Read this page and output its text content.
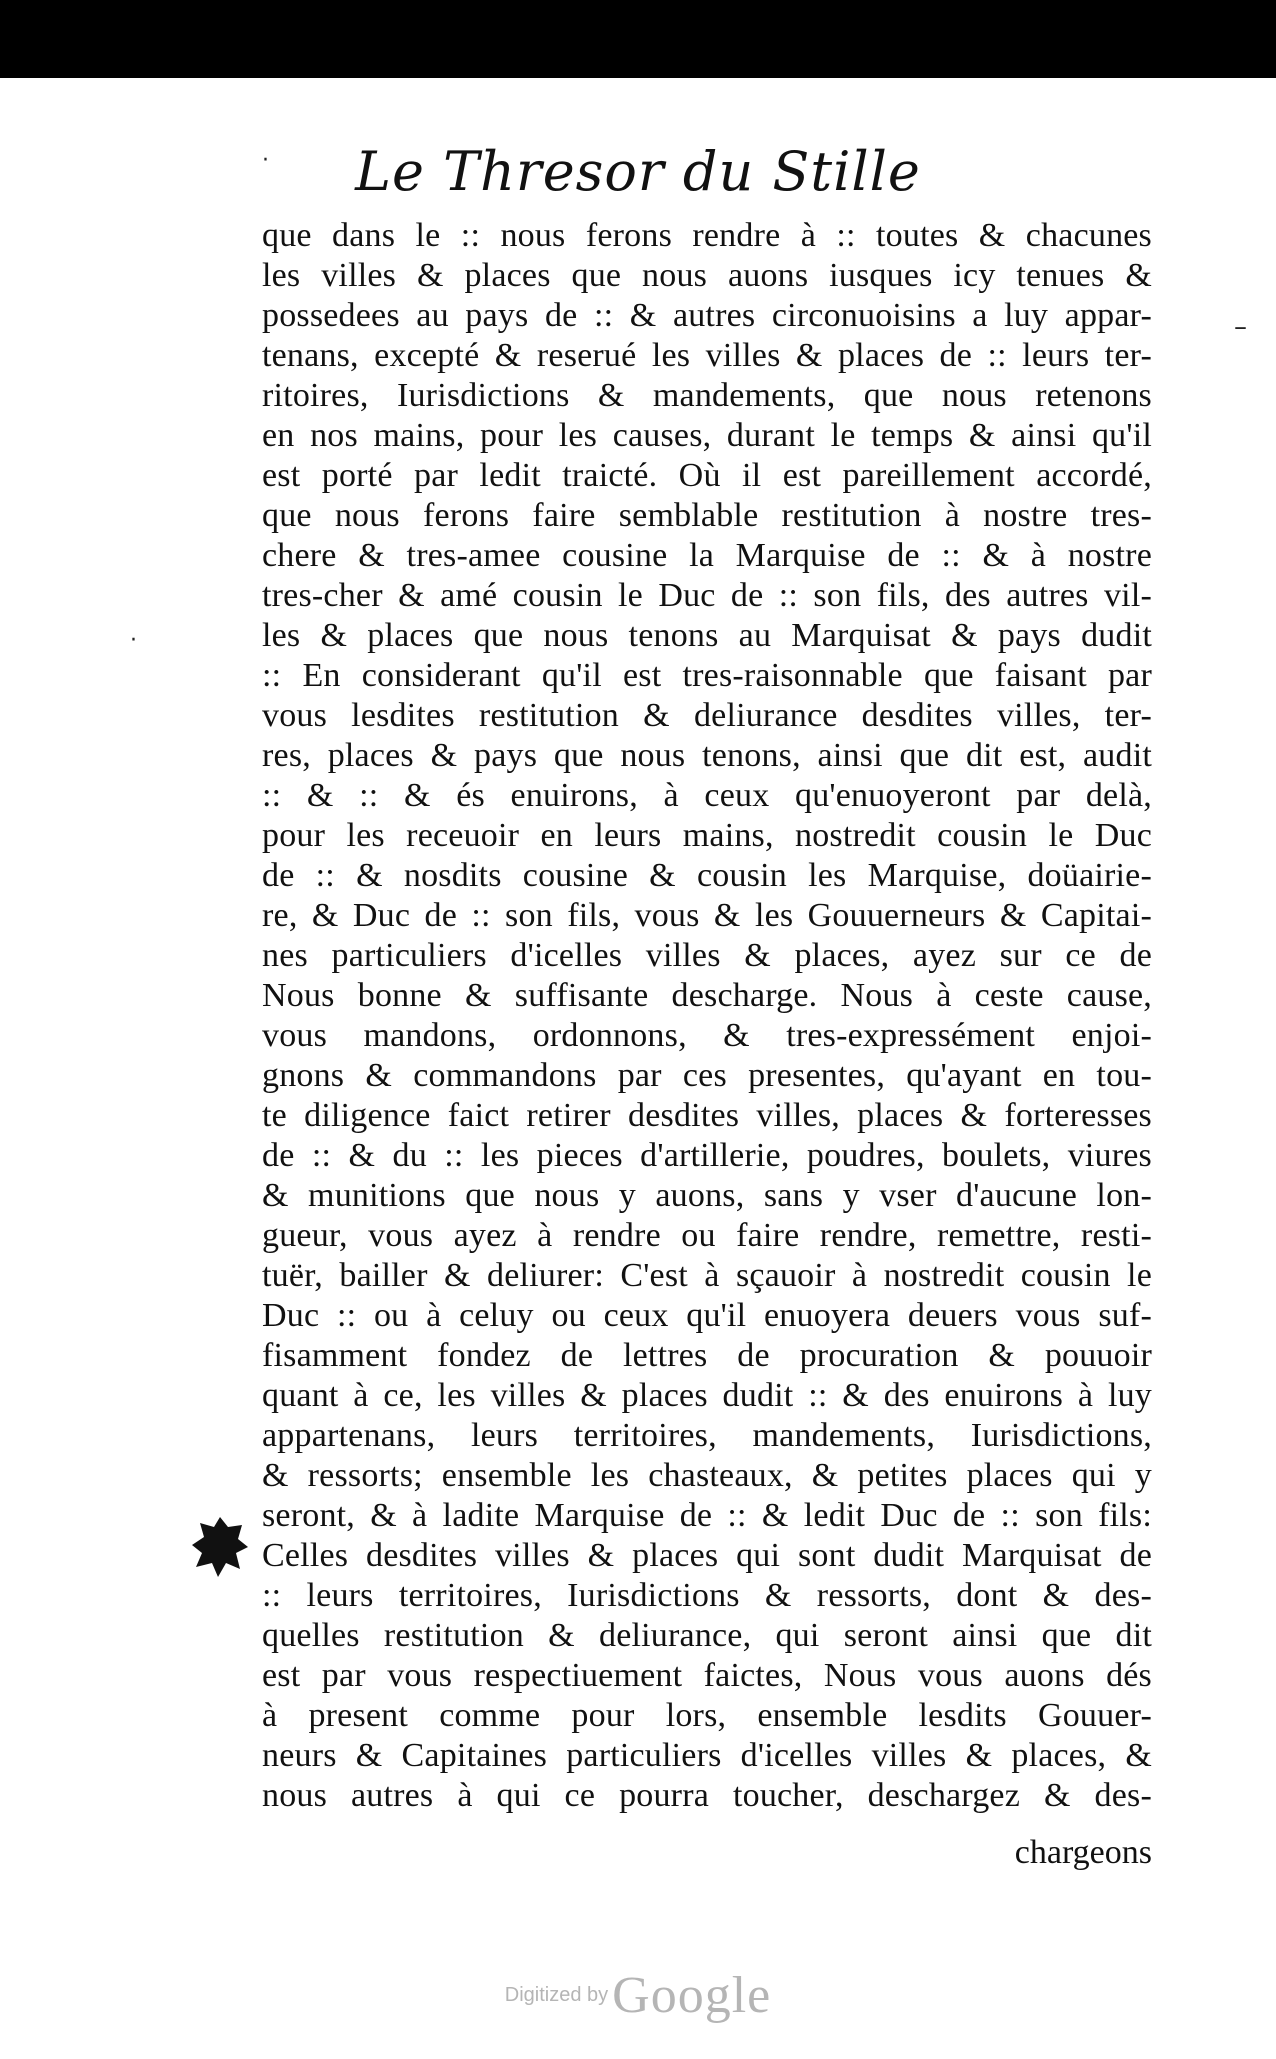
Le Thresor du Stille
que dans le :: nous ferons rendre à :: toutes & chacunes
les villes & places que nous auons iusques icy tenues &
possedees au pays de :: & autres circonuoisins a luy appar-
tenans, excepté & reserué les villes & places de :: leurs ter-
ritoires, Iurisdictions & mandements, que nous retenons
en nos mains, pour les causes, durant le temps & ainsi qu'il
est porté par ledit traicté. Où il est pareillement accordé,
que nous ferons faire semblable restitution à nostre tres-
chere & tres-amee cousine la Marquise de :: & à nostre
tres-cher & amé cousin le Duc de :: son fils, des autres vil-
les & places que nous tenons au Marquisat & pays dudit
:: En considerant qu'il est tres-raisonnable que faisant par
vous lesdites restitution & deliurance desdites villes, ter-
res, places & pays que nous tenons, ainsi que dit est, audit
:: & :: & és enuirons, à ceux qu'enuoyeront par delà,
pour les receuoir en leurs mains, nostredit cousin le Duc
de :: & nosdits cousine & cousin les Marquise, doüairie-
re, & Duc de :: son fils, vous & les Gouuerneurs & Capitai-
nes particuliers d'icelles villes & places, ayez sur ce de
Nous bonne & suffisante descharge. Nous à ceste cause,
vous mandons, ordonnons, & tres-expressément enjoi-
gnons & commandons par ces presentes, qu'ayant en tou-
te diligence faict retirer desdites villes, places & forteresses
de :: & du :: les pieces d'artillerie, poudres, boulets, viures
& munitions que nous y auons, sans y vser d'aucune lon-
gueur, vous ayez à rendre ou faire rendre, remettre, resti-
tuër, bailler & deliurer: C'est à sçauoir à nostredit cousin le
Duc :: ou à celuy ou ceux qu'il enuoyera deuers vous suf-
fisamment fondez de lettres de procuration & pouuoir
quant à ce, les villes & places dudit :: & des enuirons à luy
appartenans, leurs territoires, mandements, Iurisdictions,
& ressorts; ensemble les chasteaux, & petites places qui y
seront, & à ladite Marquise de :: & ledit Duc de :: son fils:
Celles desdites villes & places qui sont dudit Marquisat de
:: leurs territoires, Iurisdictions & ressorts, dont & des-
quelles restitution & deliurance, qui seront ainsi que dit
est par vous respectiuement faictes, Nous vous auons dés
à present comme pour lors, ensemble lesdits Gouuer-
neurs & Capitaines particuliers d'icelles villes & places, &
nous autres à qui ce pourra toucher, deschargez & des-
chargeons
–
·
·
Digitized by Google
